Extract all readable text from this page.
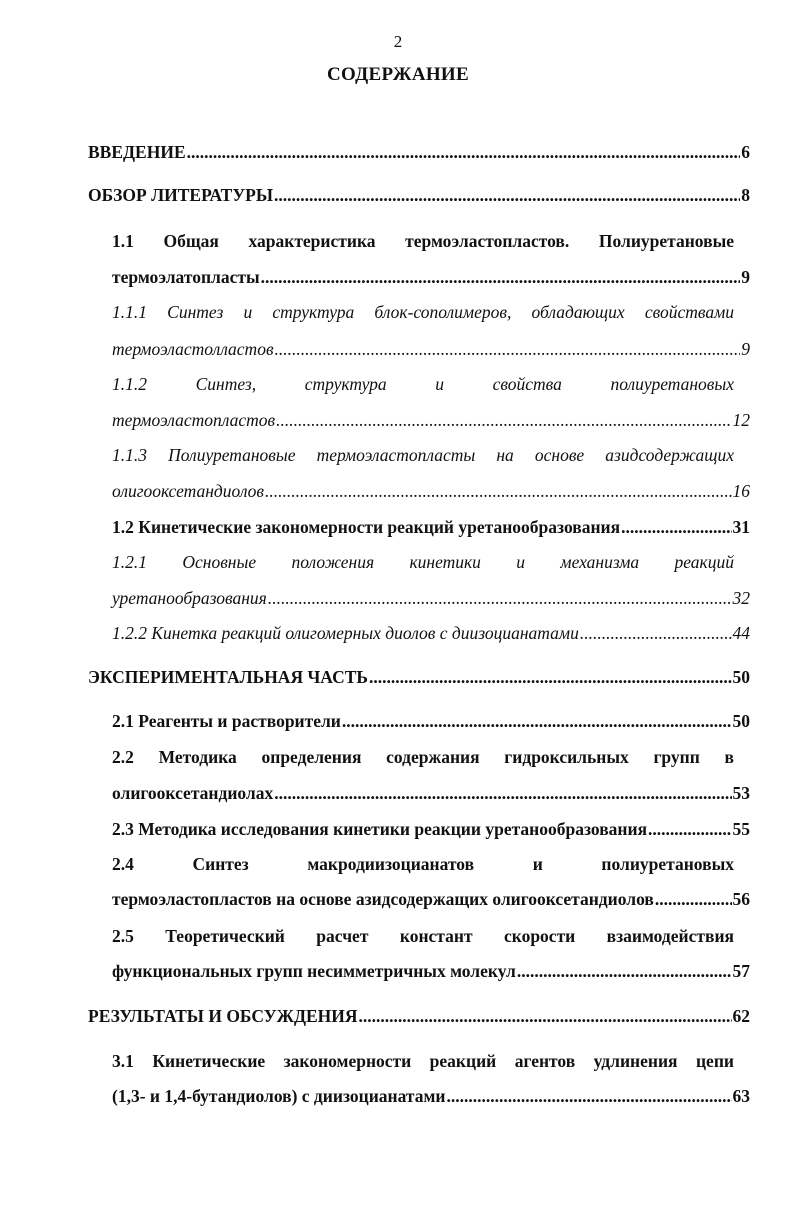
2
СОДЕРЖАНИЕ
ВВЕДЕНИЕ .....	6
ОБЗОР ЛИТЕРАТУРЫ .....	8
1.1 Общая характеристика термоэластопластов. Полиуретановые
термоэлатопласты .....	9
1.1.1 Синтез и структура блок-сополимеров, обладающих свойствами
термоэластолластов .....	9
1.1.2 Синтез, структура и свойства полиуретановых
термоэластопластов .....	12
1.1.3 Полиуретановые термоэластопласты на основе азидсодержащих
олигооксетандиолов .....	16
1.2 Кинетические закономерности реакций уретанообразования .....	31
1.2.1 Основные положения кинетики и механизма реакций
уретанообразования .....	32
1.2.2 Кинетка реакций олигомерных диолов с диизоцианатами .....	44
ЭКСПЕРИМЕНТАЛЬНАЯ ЧАСТЬ .....	50
2.1 Реагенты и растворители .....	50
2.2 Методика определения содержания гидроксильных групп в
олигооксетандиолах .....	53
2.3 Методика исследования кинетики реакции уретанообразования .....	55
2.4 Синтез макродиизоцианатов и полиуретановых
термоэластопластов на основе азидсодержащих олигооксетандиолов .....	56
2.5 Теоретический расчет констант скорости взаимодействия
функциональных групп несимметричных молекул .....	57
РЕЗУЛЬТАТЫ И ОБСУЖДЕНИЯ .....	62
3.1 Кинетические закономерности реакций агентов удлинения цепи
(1,3- и 1,4-бутандиолов) с диизоцианатами .....	63
